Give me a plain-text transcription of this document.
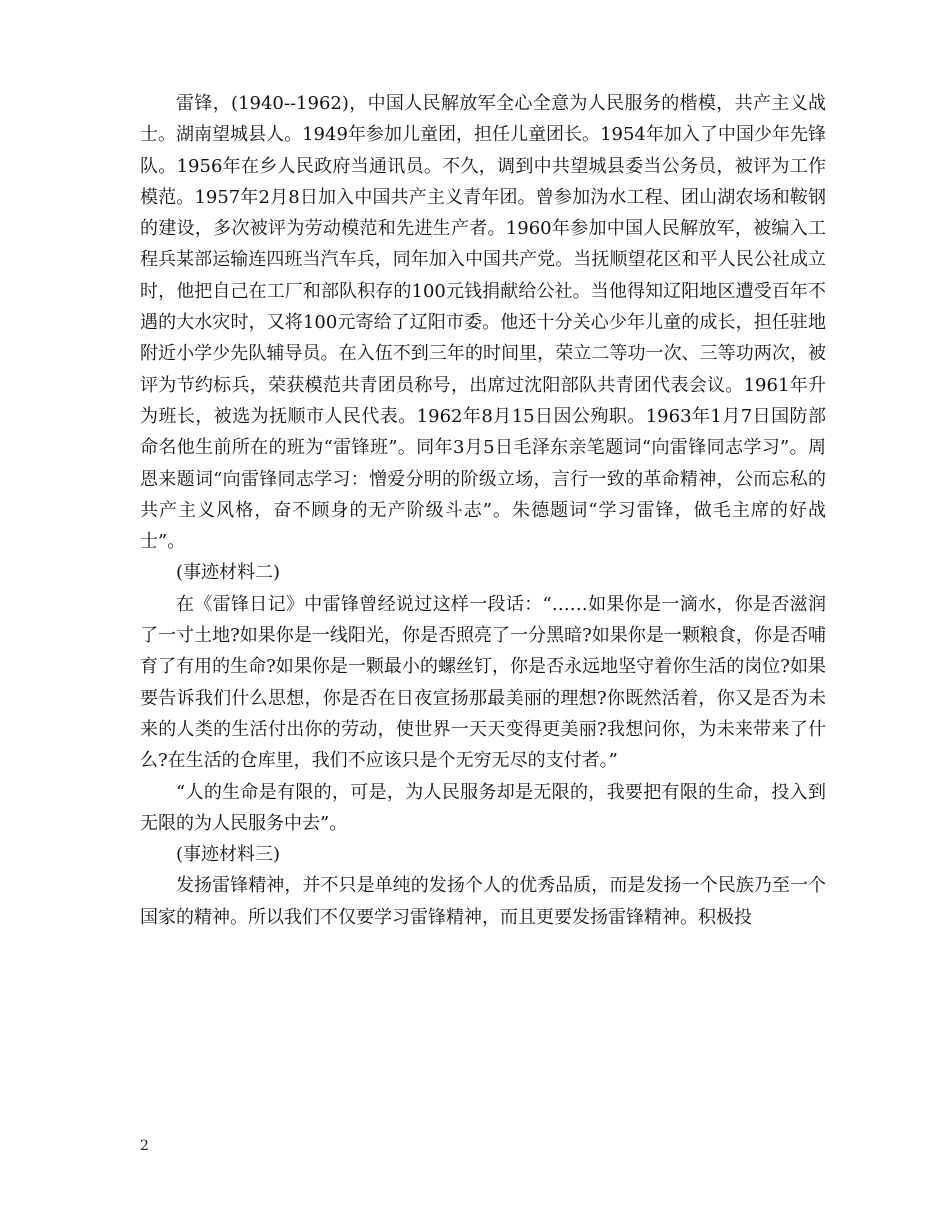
雷锋，(1940--1962)，中国人民解放军全心全意为人民服务的楷模，共产主义战士。湖南望城县人。1949年参加儿童团，担任儿童团长。1954年加入了中国少年先锋队。1956年在乡人民政府当通讯员。不久，调到中共望城县委当公务员，被评为工作模范。1957年2月8日加入中国共产主义青年团。曾参加沩水工程、团山湖农场和鞍钢的建设，多次被评为劳动模范和先进生产者。1960年参加中国人民解放军，被编入工程兵某部运输连四班当汽车兵，同年加入中国共产党。当抚顺望花区和平人民公社成立时，他把自己在工厂和部队积存的100元钱捐献给公社。当他得知辽阳地区遭受百年不遇的大水灾时，又将100元寄给了辽阳市委。他还十分关心少年儿童的成长，担任驻地附近小学少先队辅导员。在入伍不到三年的时间里，荣立二等功一次、三等功两次，被评为节约标兵，荣获模范共青团员称号，出席过沈阳部队共青团代表会议。1961年升为班长，被选为抚顺市人民代表。1962年8月15日因公殉职。1963年1月7日国防部命名他生前所在的班为“雷锋班”。同年3月5日毛泽东亲笔题词“向雷锋同志学习”。周恩来题词“向雷锋同志学习：憎爱分明的阶级立场，言行一致的革命精神，公而忘私的共产主义风格，奋不顾身的无产阶级斗志”。朱德题词“学习雷锋，做毛主席的好战士”。

(事迹材料二)

在《雷锋日记》中雷锋曾经说过这样一段话：“……如果你是一滴水，你是否滋润了一寸土地?如果你是一线阳光，你是否照亮了一分黑暗?如果你是一颗粮食，你是否哺育了有用的生命?如果你是一颗最小的螺丝钉，你是否永远地坚守着你生活的岗位?如果要告诉我们什么思想，你是否在日夜宣扬那最美丽的理想?你既然活着，你又是否为未来的人类的生活付出你的劳动，使世界一天天变得更美丽?我想问你，为未来带来了什么?在生活的仓库里，我们不应该只是个无穷无尽的支付者。”

“人的生命是有限的，可是，为人民服务却是无限的，我要把有限的生命，投入到无限的为人民服务中去”。

(事迹材料三)

发扬雷锋精神，并不只是单纯的发扬个人的优秀品质，而是发扬一个民族乃至一个国家的精神。所以我们不仅要学习雷锋精神，而且更要发扬雷锋精神。积极投

2
